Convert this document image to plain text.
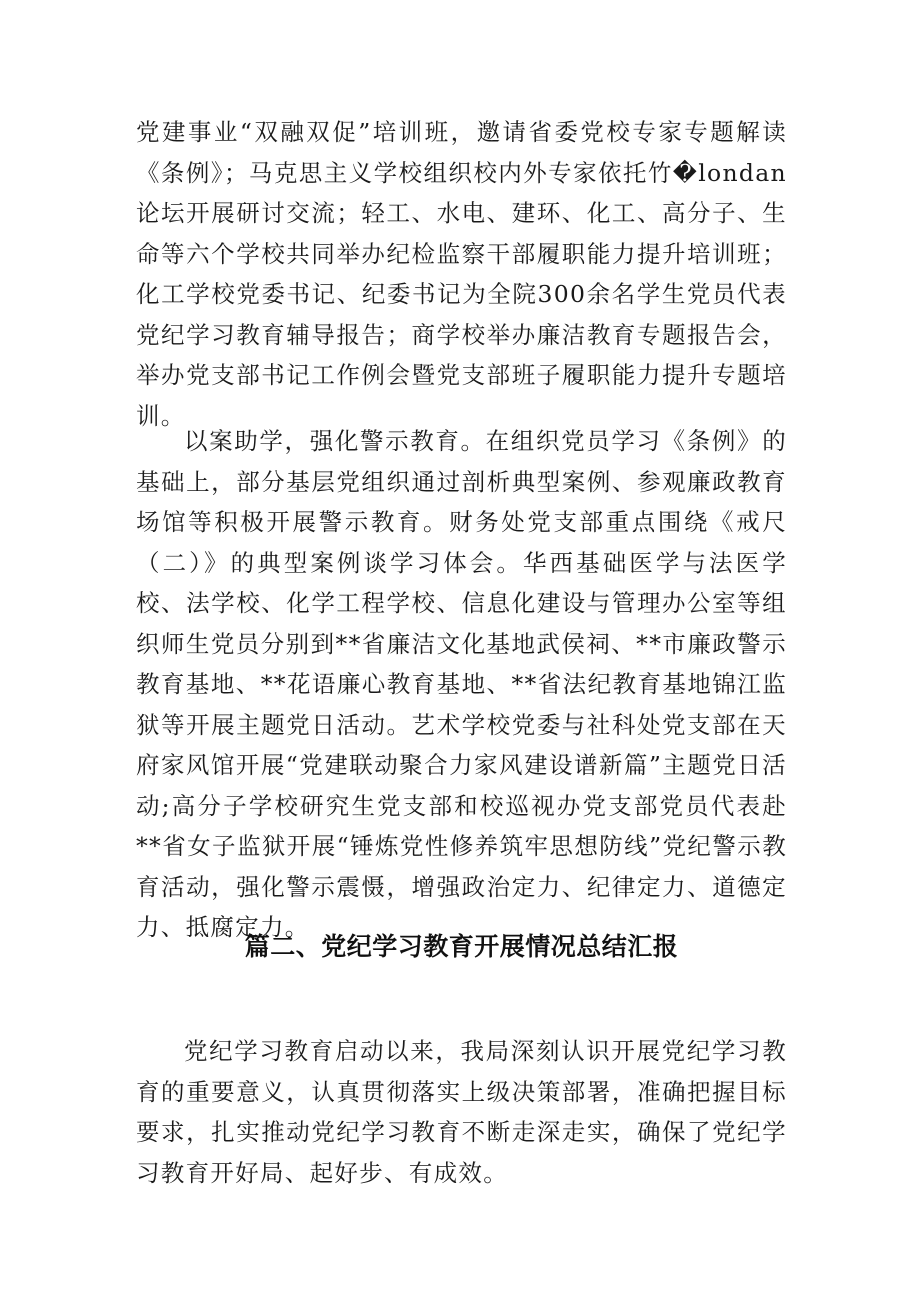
党建事业“双融双促”培训班，邀请省委党校专家专题解读《条例》；马克思主义学校组织校内外专家依托竹�londan论坛开展研讨交流；轻工、水电、建环、化工、高分子、生命等六个学校共同举办纪检监察干部履职能力提升培训班；化工学校党委书记、纪委书记为全院300余名学生党员代表党纪学习教育辅导报告；商学校举办廉洁教育专题报告会，举办党支部书记工作例会暨党支部班子履职能力提升专题培训。

以案助学，强化警示教育。在组织党员学习《条例》的基础上，部分基层党组织通过剖析典型案例、参观廉政教育场馆等积极开展警示教育。财务处党支部重点围绕《戒尺（二）》的典型案例谈学习体会。华西基础医学与法医学校、法学校、化学工程学校、信息化建设与管理办公室等组织师生党员分别到**省廉洁文化基地武侯祠、**市廉政警示教育基地、**花语廉心教育基地、**省法纪教育基地锦江监狱等开展主题党日活动。艺术学校党委与社科处党支部在天府家风馆开展“党建联动聚合力家风建设谱新篇”主题党日活动;高分子学校研究生党支部和校巡视办党支部党员代表赴**省女子监狱开展“锤炼党性修养筑牢思想防线”党纪警示教育活动，强化警示震慑，增强政治定力、纪律定力、道德定力、抵腐定力。

篇二、党纪学习教育开展情况总结汇报

党纪学习教育启动以来，我局深刻认识开展党纪学习教育的重要意义，认真贯彻落实上级决策部署，准确把握目标要求，扎实推动党纪学习教育不断走深走实，确保了党纪学习教育开好局、起好步、有成效。
